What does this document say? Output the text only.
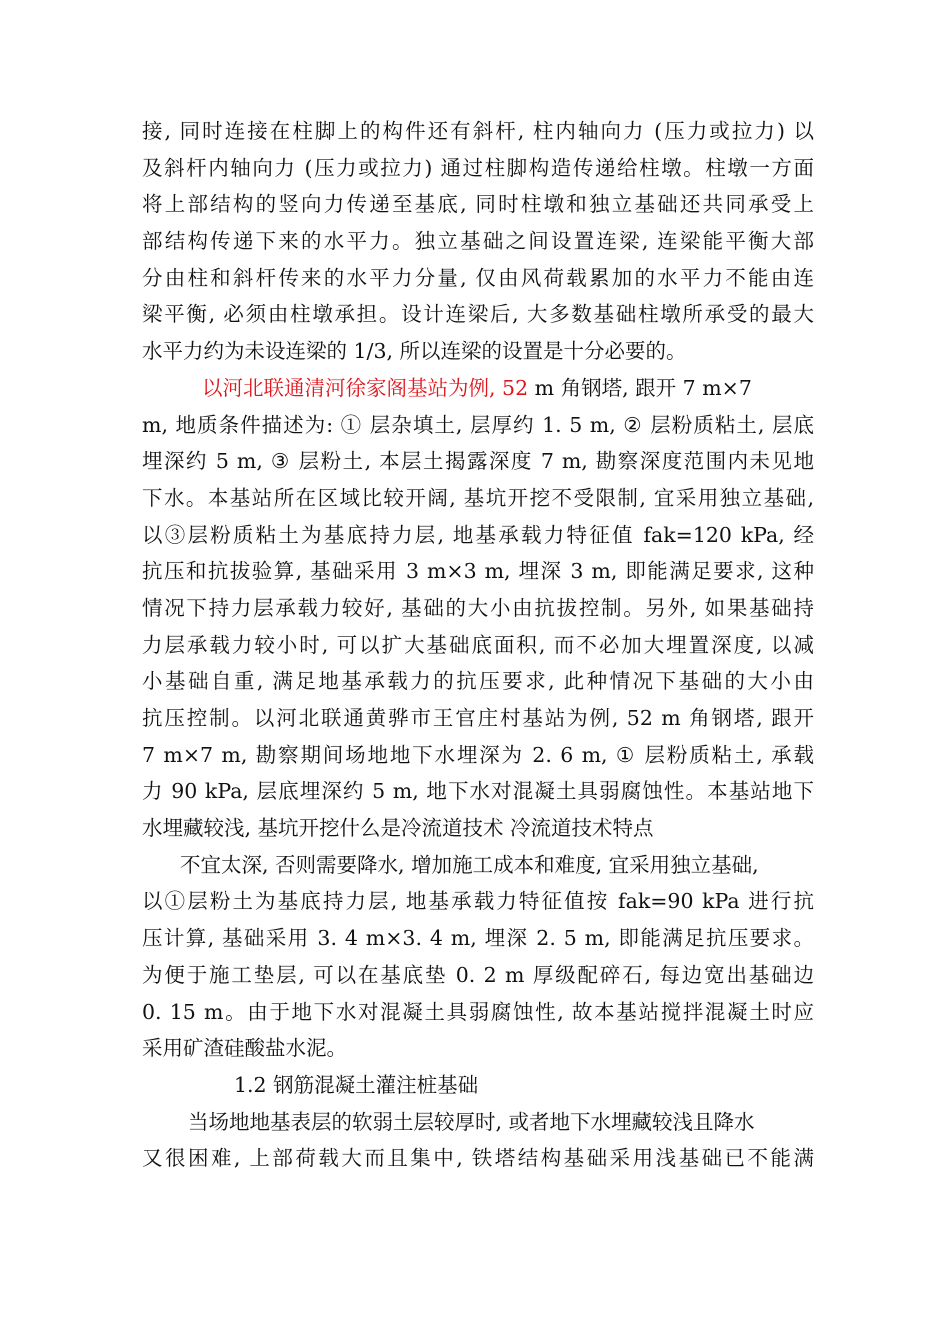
接, 同时连接在柱脚上的构件还有斜杆, 柱内轴向力 (压力或拉力) 以
及斜杆内轴向力 (压力或拉力) 通过柱脚构造传递给柱墩。柱墩一方面
将上部结构的竖向力传递至基底, 同时柱墩和独立基础还共同承受上
部结构传递下来的水平力。独立基础之间设置连梁, 连梁能平衡大部
分由柱和斜杆传来的水平力分量, 仅由风荷载累加的水平力不能由连
梁平衡, 必须由柱墩承担。设计连梁后, 大多数基础柱墩所承受的最大
水平力约为未设连梁的 1/3, 所以连梁的设置是十分必要的。
以河北联通清河徐家阁基站为例, 52 m 角钢塔, 跟开 7 m×7
m, 地质条件描述为: ① 层杂填土, 层厚约 1. 5 m, ② 层粉质粘土, 层底
埋深约 5 m, ③ 层粉土, 本层土揭露深度 7 m, 勘察深度范围内未见地
下水。本基站所在区域比较开阔, 基坑开挖不受限制, 宜采用独立基础,
以③层粉质粘土为基底持力层, 地基承载力特征值 fak=120 kPa, 经
抗压和抗拔验算, 基础采用 3 m×3 m, 埋深 3 m, 即能满足要求, 这种
情况下持力层承载力较好, 基础的大小由抗拔控制。另外, 如果基础持
力层承载力较小时, 可以扩大基础底面积, 而不必加大埋置深度, 以减
小基础自重, 满足地基承载力的抗压要求, 此种情况下基础的大小由
抗压控制。以河北联通黄骅市王官庄村基站为例, 52 m 角钢塔, 跟开
7 m×7 m, 勘察期间场地地下水埋深为 2. 6 m, ① 层粉质粘土, 承载
力 90 kPa, 层底埋深约 5 m, 地下水对混凝土具弱腐蚀性。本基站地下
水埋藏较浅, 基坑开挖什么是冷流道技术 冷流道技术特点
不宜太深, 否则需要降水, 增加施工成本和难度, 宜采用独立基础,
以①层粉土为基底持力层, 地基承载力特征值按 fak=90 kPa 进行抗
压计算, 基础采用 3. 4 m×3. 4 m, 埋深 2. 5 m, 即能满足抗压要求。
为便于施工垫层, 可以在基底垫 0. 2 m 厚级配碎石, 每边宽出基础边
0. 15 m。由于地下水对混凝土具弱腐蚀性, 故本基站搅拌混凝土时应
采用矿渣硅酸盐水泥。
1.2 钢筋混凝土灌注桩基础
当场地地基表层的软弱土层较厚时, 或者地下水埋藏较浅且降水
又很困难, 上部荷载大而且集中, 铁塔结构基础采用浅基础已不能满
